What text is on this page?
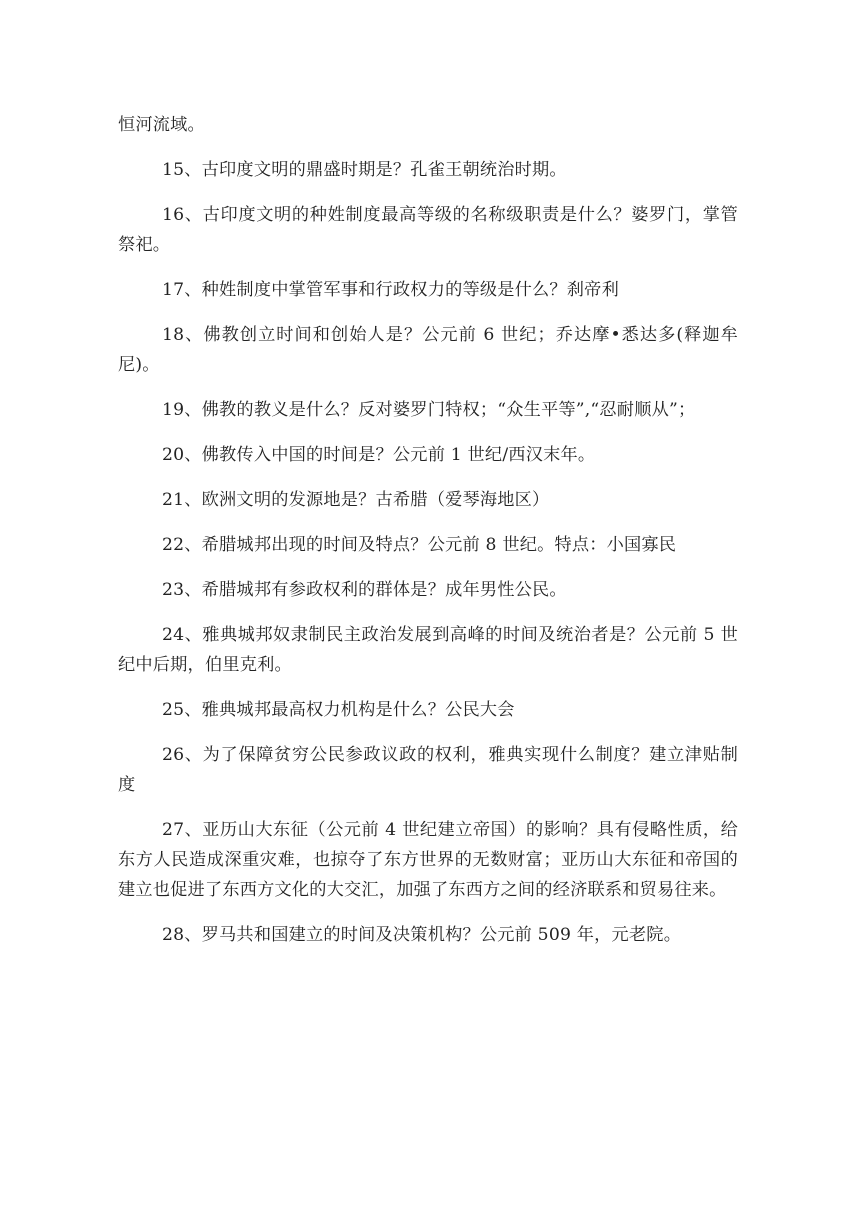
恒河流域。

15、古印度文明的鼎盛时期是？孔雀王朝统治时期。

16、古印度文明的种姓制度最高等级的名称级职责是什么？婆罗门，掌管祭祀。

17、种姓制度中掌管军事和行政权力的等级是什么？刹帝利

18、佛教创立时间和创始人是？公元前 6 世纪；乔达摩•悉达多(释迦牟尼)。

19、佛教的教义是什么？反对婆罗门特权；“众生平等”,“忍耐顺从”；

20、佛教传入中国的时间是？公元前 1 世纪/西汉末年。

21、欧洲文明的发源地是？古希腊（爱琴海地区）

22、希腊城邦出现的时间及特点？公元前 8 世纪。特点：小国寡民

23、希腊城邦有参政权利的群体是？成年男性公民。

24、雅典城邦奴隶制民主政治发展到高峰的时间及统治者是？公元前 5 世纪中后期，伯里克利。

25、雅典城邦最高权力机构是什么？公民大会

26、为了保障贫穷公民参政议政的权利，雅典实现什么制度？建立津贴制度

27、亚历山大东征（公元前 4 世纪建立帝国）的影响？具有侵略性质，给东方人民造成深重灾难，也掠夺了东方世界的无数财富；亚历山大东征和帝国的建立也促进了东西方文化的大交汇，加强了东西方之间的经济联系和贸易往来。

28、罗马共和国建立的时间及决策机构？公元前 509 年，元老院。
